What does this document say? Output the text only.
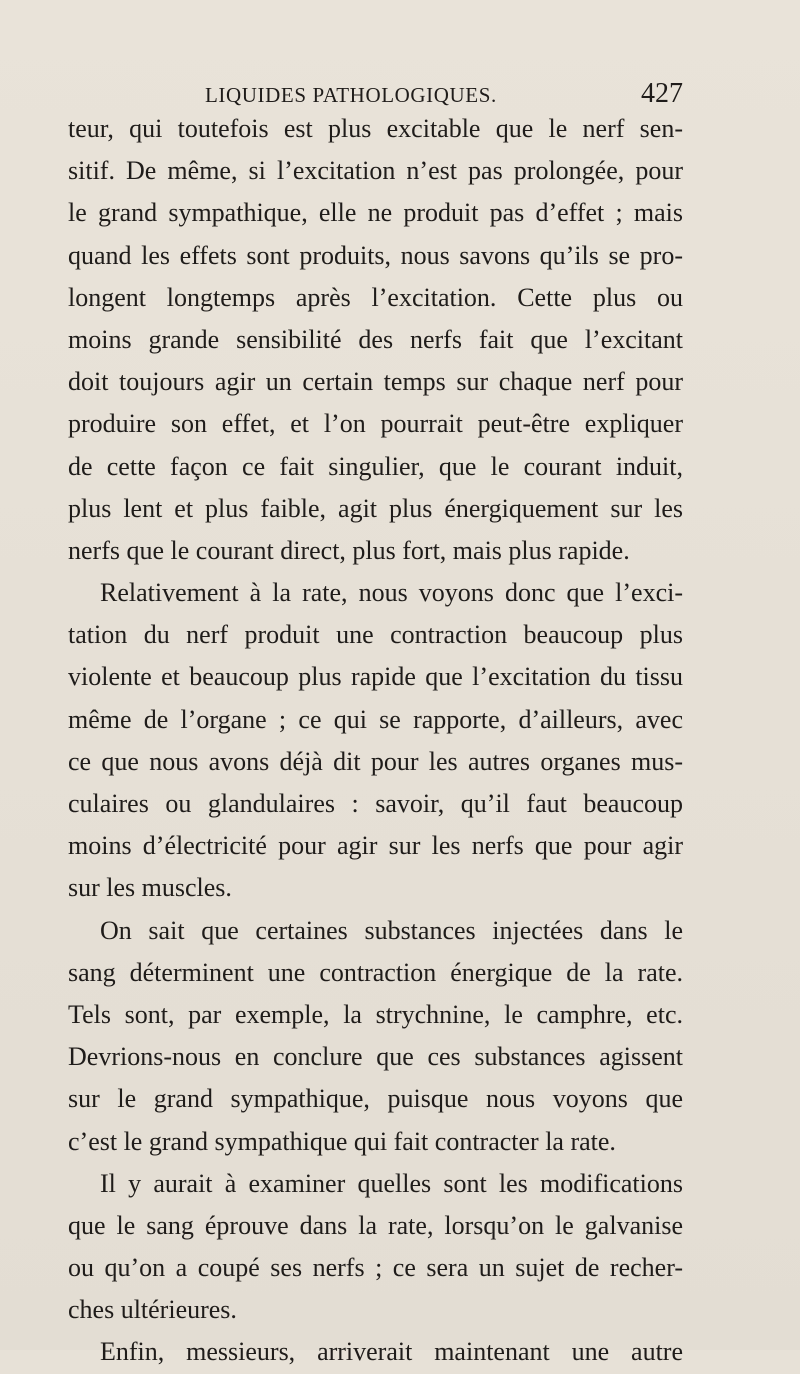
LIQUIDES PATHOLOGIQUES.	427
teur, qui toutefois est plus excitable que le nerf sen-
sitif. De même, si l’excitation n’est pas prolongée, pour
le grand sympathique, elle ne produit pas d’effet ; mais
quand les effets sont produits, nous savons qu’ils se pro-
longent longtemps après l’excitation. Cette plus ou
moins grande sensibilité des nerfs fait que l’excitant
doit toujours agir un certain temps sur chaque nerf pour
produire son effet, et l’on pourrait peut-être expliquer
de cette façon ce fait singulier, que le courant induit,
plus lent et plus faible, agit plus énergiquement sur les
nerfs que le courant direct, plus fort, mais plus rapide.
Relativement à la rate, nous voyons donc que l’exci-
tation du nerf produit une contraction beaucoup plus
violente et beaucoup plus rapide que l’excitation du tissu
même de l’organe ; ce qui se rapporte, d’ailleurs, avec
ce que nous avons déjà dit pour les autres organes mus-
culaires ou glandulaires : savoir, qu’il faut beaucoup
moins d’électricité pour agir sur les nerfs que pour agir
sur les muscles.
On sait que certaines substances injectées dans le
sang déterminent une contraction énergique de la rate.
Tels sont, par exemple, la strychnine, le camphre, etc.
Devrions-nous en conclure que ces substances agissent
sur le grand sympathique, puisque nous voyons que
c’est le grand sympathique qui fait contracter la rate.
Il y aurait à examiner quelles sont les modifications
que le sang éprouve dans la rate, lorsqu’on le galvanise
ou qu’on a coupé ses nerfs ; ce sera un sujet de recher-
ches ultérieures.
Enfin, messieurs, arriverait maintenant une autre
